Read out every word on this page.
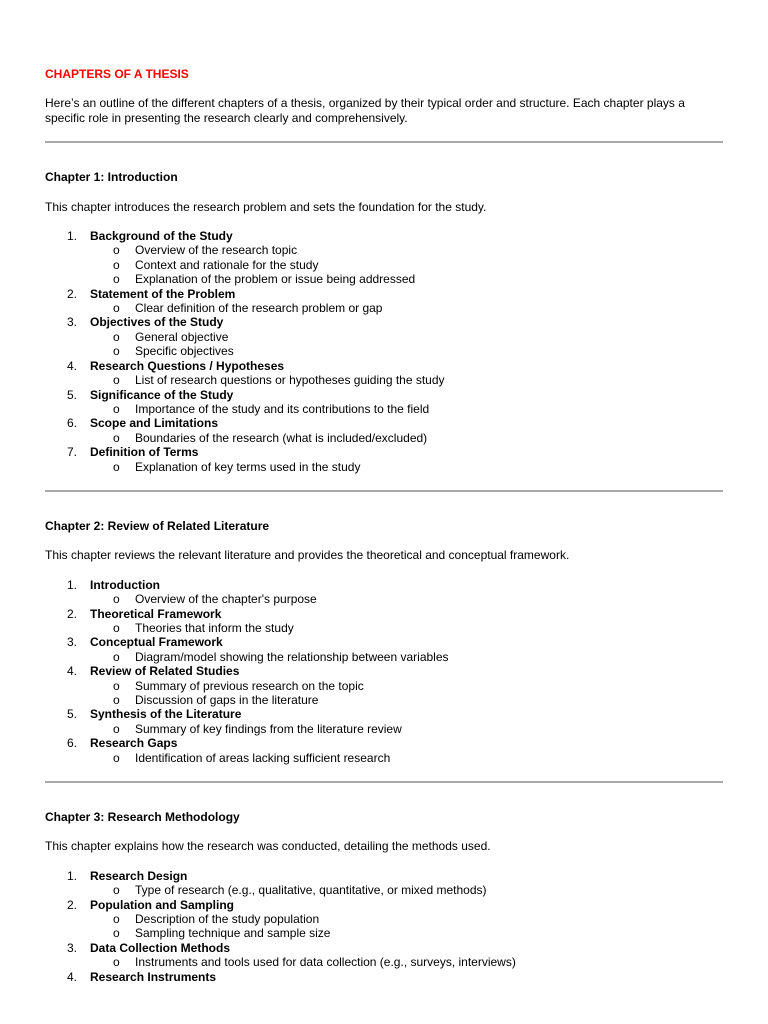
CHAPTERS OF A THESIS

Here’s an outline of the different chapters of a thesis, organized by their typical order and structure. Each chapter plays a specific role in presenting the research clearly and comprehensively.

Chapter 1: Introduction

This chapter introduces the research problem and sets the foundation for the study.

1. Background of the Study
o Overview of the research topic
o Context and rationale for the study
o Explanation of the problem or issue being addressed
2. Statement of the Problem
o Clear definition of the research problem or gap
3. Objectives of the Study
o General objective
o Specific objectives
4. Research Questions / Hypotheses
o List of research questions or hypotheses guiding the study
5. Significance of the Study
o Importance of the study and its contributions to the field
6. Scope and Limitations
o Boundaries of the research (what is included/excluded)
7. Definition of Terms
o Explanation of key terms used in the study
Chapter 2: Review of Related Literature

This chapter reviews the relevant literature and provides the theoretical and conceptual framework.

1. Introduction
o Overview of the chapter's purpose
2. Theoretical Framework
o Theories that inform the study
3. Conceptual Framework
o Diagram/model showing the relationship between variables
4. Review of Related Studies
o Summary of previous research on the topic
o Discussion of gaps in the literature
5. Synthesis of the Literature
o Summary of key findings from the literature review
6. Research Gaps
o Identification of areas lacking sufficient research
Chapter 3: Research Methodology

This chapter explains how the research was conducted, detailing the methods used.

1. Research Design
o Type of research (e.g., qualitative, quantitative, or mixed methods)
2. Population and Sampling
o Description of the study population
o Sampling technique and sample size
3. Data Collection Methods
o Instruments and tools used for data collection (e.g., surveys, interviews)
4. Research Instruments
